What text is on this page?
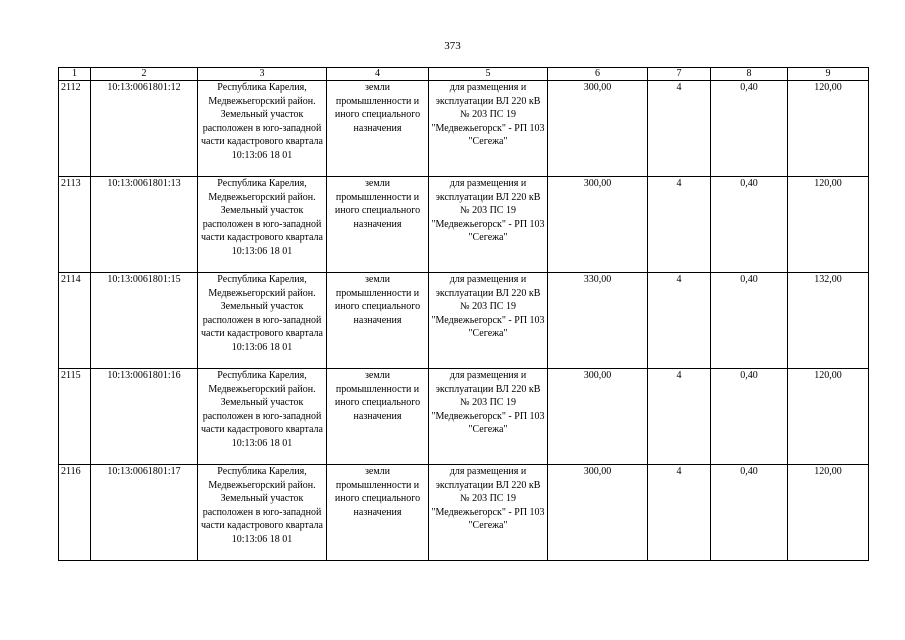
373
1	2	3	4	5	6	7	8	9
2112	10:13:0061801:12	Республика Карелия, Медвежьегорский район. Земельный участок расположен в юго-западной части кадастрового квартала 10:13:06 18 01	земли промышленности и иного специального назначения	для размещения и эксплуатации ВЛ 220 кВ № 203 ПС 19 "Медвежьегорск" - РП 103 "Сегежа"	300,00	4	0,40	120,00
2113	10:13:0061801:13	Республика Карелия, Медвежьегорский район. Земельный участок расположен в юго-западной части кадастрового квартала 10:13:06 18 01	земли промышленности и иного специального назначения	для размещения и эксплуатации ВЛ 220 кВ № 203 ПС 19 "Медвежьегорск" - РП 103 "Сегежа"	300,00	4	0,40	120,00
2114	10:13:0061801:15	Республика Карелия, Медвежьегорский район. Земельный участок расположен в юго-западной части кадастрового квартала 10:13:06 18 01	земли промышленности и иного специального назначения	для размещения и эксплуатации ВЛ 220 кВ № 203 ПС 19 "Медвежьегорск" - РП 103 "Сегежа"	330,00	4	0,40	132,00
2115	10:13:0061801:16	Республика Карелия, Медвежьегорский район. Земельный участок расположен в юго-западной части кадастрового квартала 10:13:06 18 01	земли промышленности и иного специального назначения	для размещения и эксплуатации ВЛ 220 кВ № 203 ПС 19 "Медвежьегорск" - РП 103 "Сегежа"	300,00	4	0,40	120,00
2116	10:13:0061801:17	Республика Карелия, Медвежьегорский район. Земельный участок расположен в юго-западной части кадастрового квартала 10:13:06 18 01	земли промышленности и иного специального назначения	для размещения и эксплуатации ВЛ 220 кВ № 203 ПС 19 "Медвежьегорск" - РП 103 "Сегежа"	300,00	4	0,40	120,00
